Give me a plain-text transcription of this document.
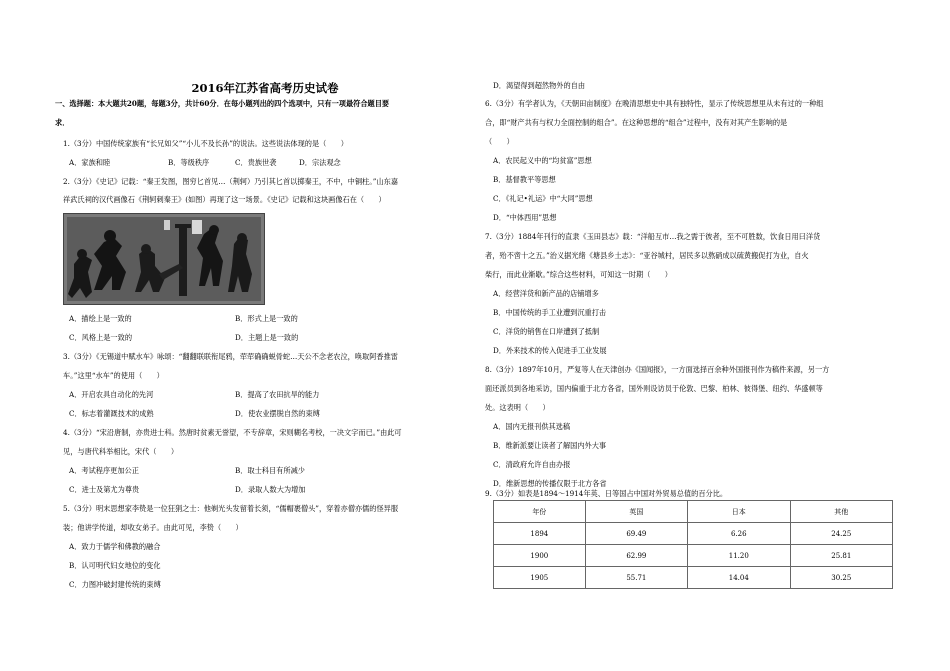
2016年江苏省高考历史试卷
一、选择题：本大题共20题，每题3分，共计60分．在每小题列出的四个选项中，只有一项最符合题目要
求．
1.（3分）中国传统家族有“长兄如父”“小儿不及长孙”的说法。这些说法体现的是（　　）
A．家族和睦	B．等级秩序	C．贵族世袭	D．宗法观念
2.（3分）《史记》记载：“秦王发图，图穷匕首见…（荆轲）乃引其匕首以掷秦王，不中，中铜柱。”山东嘉
祥武氏祠的汉代画像石《荆轲刺秦王》(如图）再现了这一场景。《史记》记载和这块画像石在（　　）
A．描绘上是一致的	B．形式上是一致的
C．风格上是一致的	D．主题上是一致的
3.（3分）《无锡道中赋水车》咏颂：“翻翻联联衔尾鸦，荦荦确确蜕骨蛇…天公不念老农泣，唤取阿香推雷
车。”这里“水车”的使用（　　）
A．开启农具自动化的先河	B．提高了农田抗旱的能力
C．标志着灌溉技术的成熟	D．使农业摆脱自然的束缚
4.（3分）“宋沿唐制，亦贵进士科。然唐时贫素无誉望，不专辞章，宋则糊名考校，一决文字而已。”由此可
见，与唐代科举相比，宋代（　　）
A．考试程序更加公正	B．取士科目有所减少
C．进士及第尤为尊贵	D．录取人数大为增加
5.（3分）明末思想家李贽是一位狂狷之士：他剃光头发留着长须，“儒帽裹僧头”，穿着亦僧亦儒的怪异服
装；他讲学传道，却收女弟子。由此可见，李贽（　　）
A．致力于儒学和佛教的融合
B．认可明代妇女地位的变化
C．力图冲破封建传统的束缚
D．渴望得到超然物外的自由
6.（3分）有学者认为，《天朝田亩制度》在晚清思想史中具有独特性，显示了传统思想里从未有过的一种组
合，即“财产共有与权力全面控制的组合”。在这种思想的“组合”过程中，没有对其产生影响的是
（　　）
A．农民起义中的“均贫富”思想
B．基督教平等思想
C．《礼记•礼运》中“大同”思想
D．“中体西用”思想
7.（3分）1884年刊行的直隶《玉田县志》载：“洋船互市…我之需于彼者，至不可胜数，饮食日用曰洋货
者，殆不啻十之五。”治义据光绪《塘县乡土志》：“亚谷城村，居民多以熬硝成以硫黄搬促打为业，自火
柴行，而此业渐歇。”综合这些材料，可知这一时期（　　）
A．经营洋货和新产品的店铺增多
B．中国传统的手工业遭到沉重打击
C．洋货的销售在口岸遭到了抵制
D．外来技术的传入促进手工业发展
8.（3分）1897年10月，严复等人在天津创办《国闻报》，一方面选择百余种外国报刊作为稿件来源，另一方
面还派员到各地采访，国内偏重于北方各省，国外则设访员于伦敦、巴黎、柏林、彼得堡、纽约、华盛顿等
处。这表明（　　）
A．国内无报刊供其选稿
B．维新派要让读者了解国内外大事
C．清政府允许自由办报
D．维新思想的传播仅限于北方各省
9.（3分）如表是1894～1914年英、日等国占中国对外贸易总值的百分比。
年份	英国	日本	其他
1894	69.49	6.26	24.25
1900	62.99	11.20	25.81
1905	55.71	14.04	30.25
